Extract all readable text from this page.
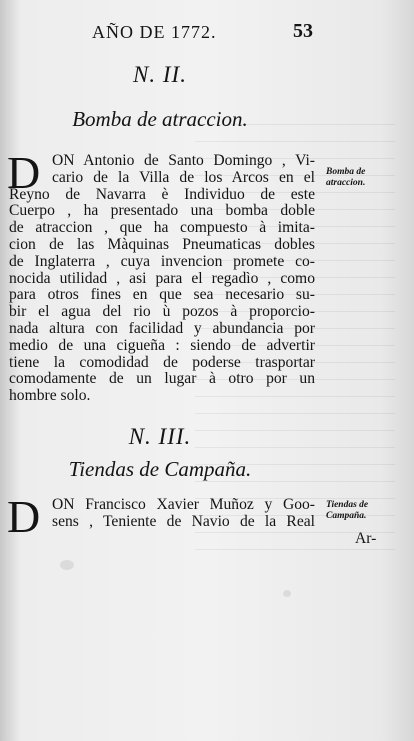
AÑO DE 1772.	53
N. II.
Bomba de atraccion.
D ON Antonio de Santo Domingo , Vi-
cario de la Villa de los Arcos en el
Reyno de Navarra è Individuo de este
Cuerpo , ha presentado una bomba doble
de atraccion , que ha compuesto à imita-
cion de las Màquinas Pneumaticas dobles
de Inglaterra , cuya invencion promete co-
nocida utilidad , asi para el regadìo , como
para otros fines en que sea necesario su-
bir el agua del rio ù pozos à proporcio-
nada altura con facilidad y abundancia por
medio de una cigueña : siendo de advertir
tiene la comodidad de poderse trasportar
comodamente de un lugar à otro por un
hombre solo.
Bomba de
atraccion.
N. III.
Tiendas de Campaña.
D ON Francisco Xavier Muñoz y Goo-
sens , Teniente de Navio de la Real
Tiendas de
Campaña.
Ar-
